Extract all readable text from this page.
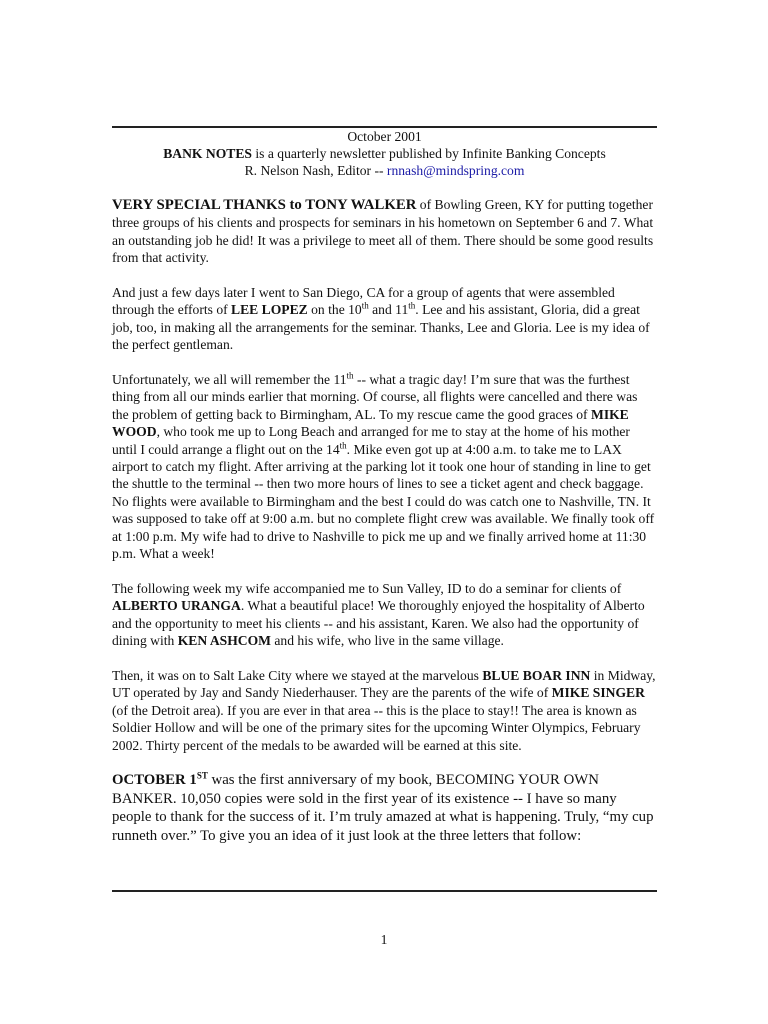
October 2001
BANK NOTES is a quarterly newsletter published by Infinite Banking Concepts
R. Nelson Nash, Editor -- rnnash@mindspring.com

VERY SPECIAL THANKS to TONY WALKER of Bowling Green, KY for putting together three groups of his clients and prospects for seminars in his hometown on September 6 and 7. What an outstanding job he did! It was a privilege to meet all of them. There should be some good results from that activity.

And just a few days later I went to San Diego, CA for a group of agents that were assembled through the efforts of LEE LOPEZ on the 10th and 11th. Lee and his assistant, Gloria, did a great job, too, in making all the arrangements for the seminar. Thanks, Lee and Gloria. Lee is my idea of the perfect gentleman.

Unfortunately, we all will remember the 11th -- what a tragic day! I’m sure that was the furthest thing from all our minds earlier that morning. Of course, all flights were cancelled and there was the problem of getting back to Birmingham, AL. To my rescue came the good graces of MIKE WOOD, who took me up to Long Beach and arranged for me to stay at the home of his mother until I could arrange a flight out on the 14th. Mike even got up at 4:00 a.m. to take me to LAX airport to catch my flight. After arriving at the parking lot it took one hour of standing in line to get the shuttle to the terminal -- then two more hours of lines to see a ticket agent and check baggage. No flights were available to Birmingham and the best I could do was catch one to Nashville, TN. It was supposed to take off at 9:00 a.m. but no complete flight crew was available. We finally took off at 1:00 p.m. My wife had to drive to Nashville to pick me up and we finally arrived home at 11:30 p.m. What a week!

The following week my wife accompanied me to Sun Valley, ID to do a seminar for clients of ALBERTO URANGA. What a beautiful place! We thoroughly enjoyed the hospitality of Alberto and the opportunity to meet his clients -- and his assistant, Karen. We also had the opportunity of dining with KEN ASHCOM and his wife, who live in the same village.

Then, it was on to Salt Lake City where we stayed at the marvelous BLUE BOAR INN in Midway, UT operated by Jay and Sandy Niederhauser. They are the parents of the wife of MIKE SINGER (of the Detroit area). If you are ever in that area -- this is the place to stay!! The area is known as Soldier Hollow and will be one of the primary sites for the upcoming Winter Olympics, February 2002. Thirty percent of the medals to be awarded will be earned at this site.

OCTOBER 1ST was the first anniversary of my book, BECOMING YOUR OWN BANKER. 10,050 copies were sold in the first year of its existence -- I have so many people to thank for the success of it. I’m truly amazed at what is happening. Truly, “my cup runneth over.” To give you an idea of it just look at the three letters that follow:

1
